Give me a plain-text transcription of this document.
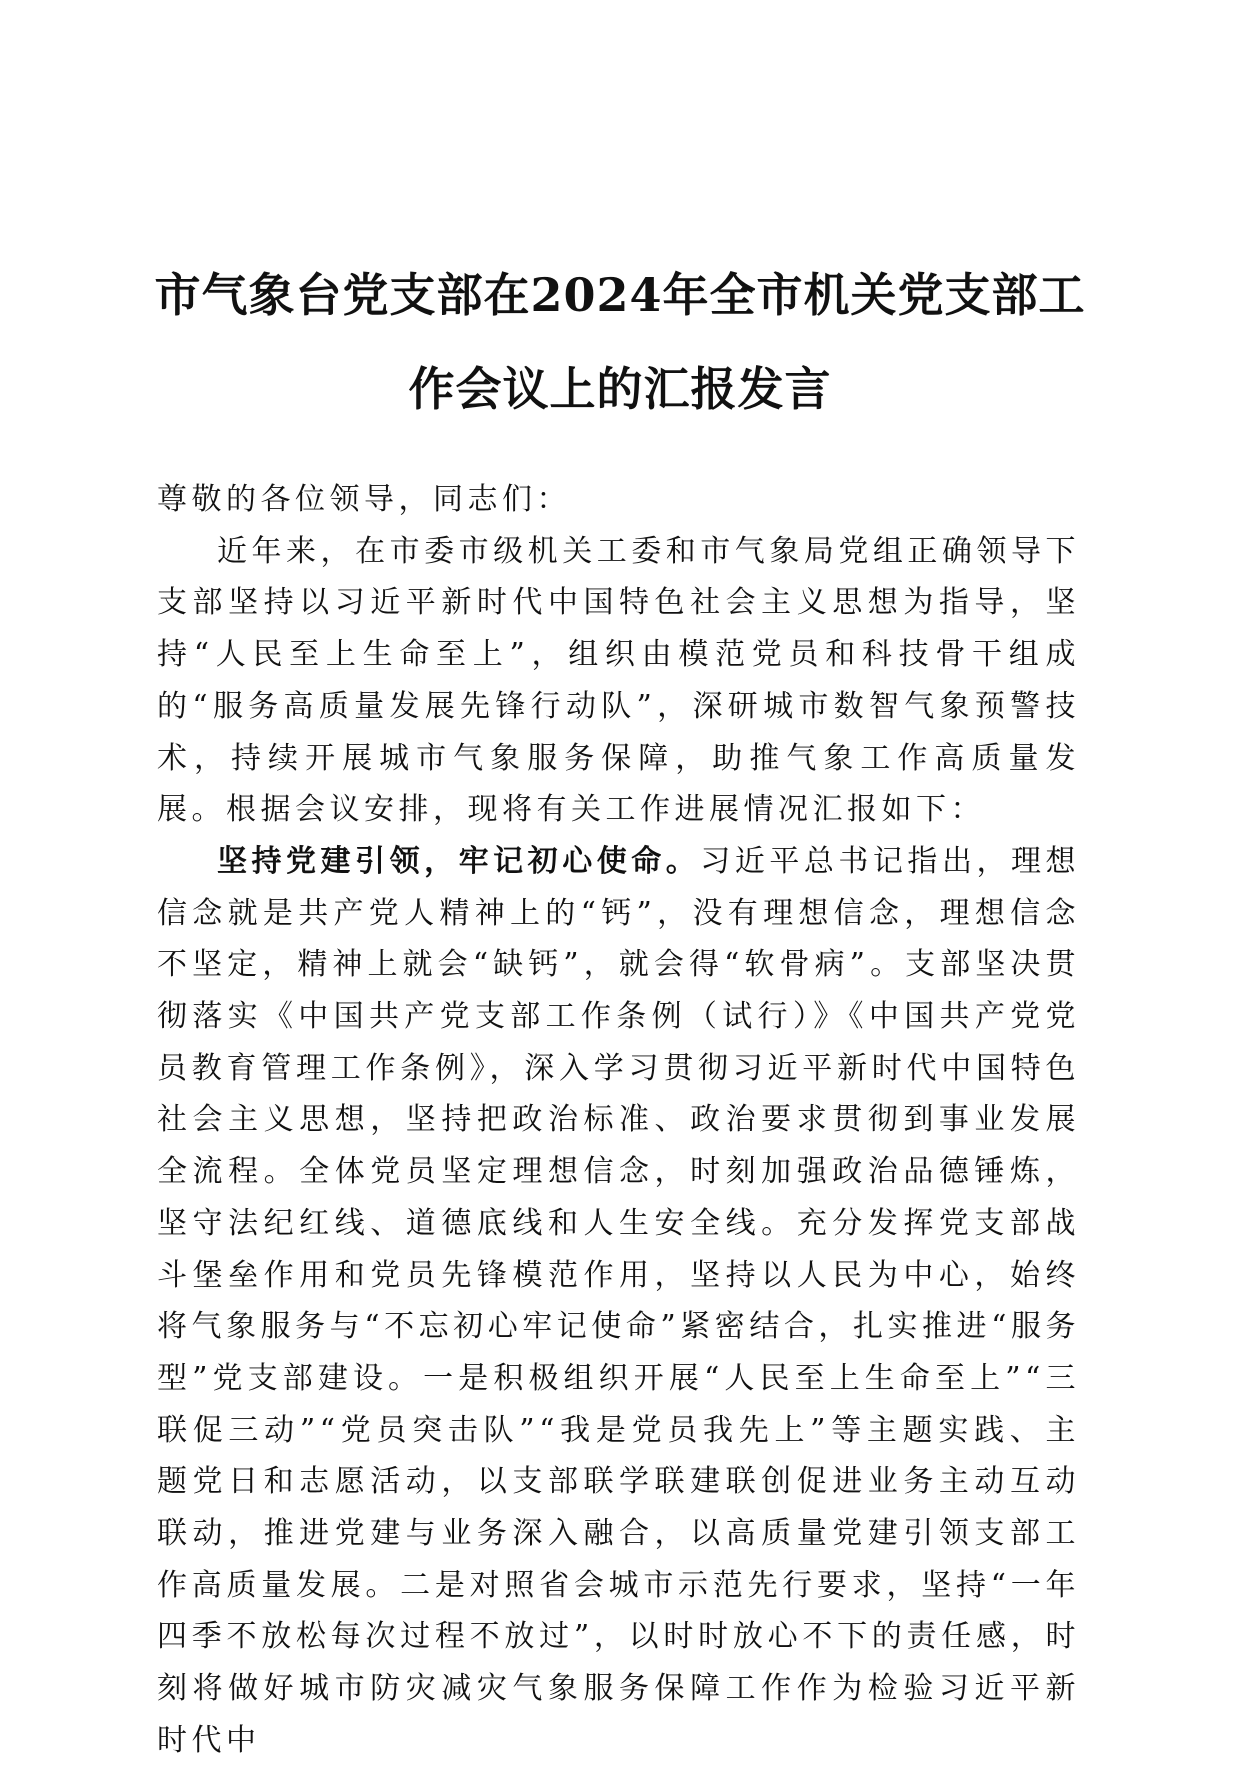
市气象台党支部在2024年全市机关党支部工
作会议上的汇报发言

尊敬的各位领导，同志们：

近年来，在市委市级机关工委和市气象局党组正确领导下支部坚持以习近平新时代中国特色社会主义思想为指导，坚持“人民至上生命至上”，组织由模范党员和科技骨干组成的“服务高质量发展先锋行动队”，深研城市数智气象预警技术，持续开展城市气象服务保障，助推气象工作高质量发展。根据会议安排，现将有关工作进展情况汇报如下：

坚持党建引领，牢记初心使命。习近平总书记指出，理想信念就是共产党人精神上的“钙”，没有理想信念，理想信念不坚定，精神上就会“缺钙”，就会得“软骨病”。支部坚决贯彻落实《中国共产党支部工作条例（试行）》《中国共产党党员教育管理工作条例》，深入学习贯彻习近平新时代中国特色社会主义思想，坚持把政治标准、政治要求贯彻到事业发展全流程。全体党员坚定理想信念，时刻加强政治品德锤炼，坚守法纪红线、道德底线和人生安全线。充分发挥党支部战斗堡垒作用和党员先锋模范作用，坚持以人民为中心，始终将气象服务与“不忘初心牢记使命”紧密结合，扎实推进“服务型”党支部建设。一是积极组织开展“人民至上生命至上”“三联促三动”“党员突击队”“我是党员我先上”等主题实践、主题党日和志愿活动，以支部联学联建联创促进业务主动互动联动，推进党建与业务深入融合，以高质量党建引领支部工作高质量发展。二是对照省会城市示范先行要求，坚持“一年四季不放松每次过程不放过”，以时时放心不下的责任感，时刻将做好城市防灾减灾气象服务保障工作作为检验习近平新时代中
